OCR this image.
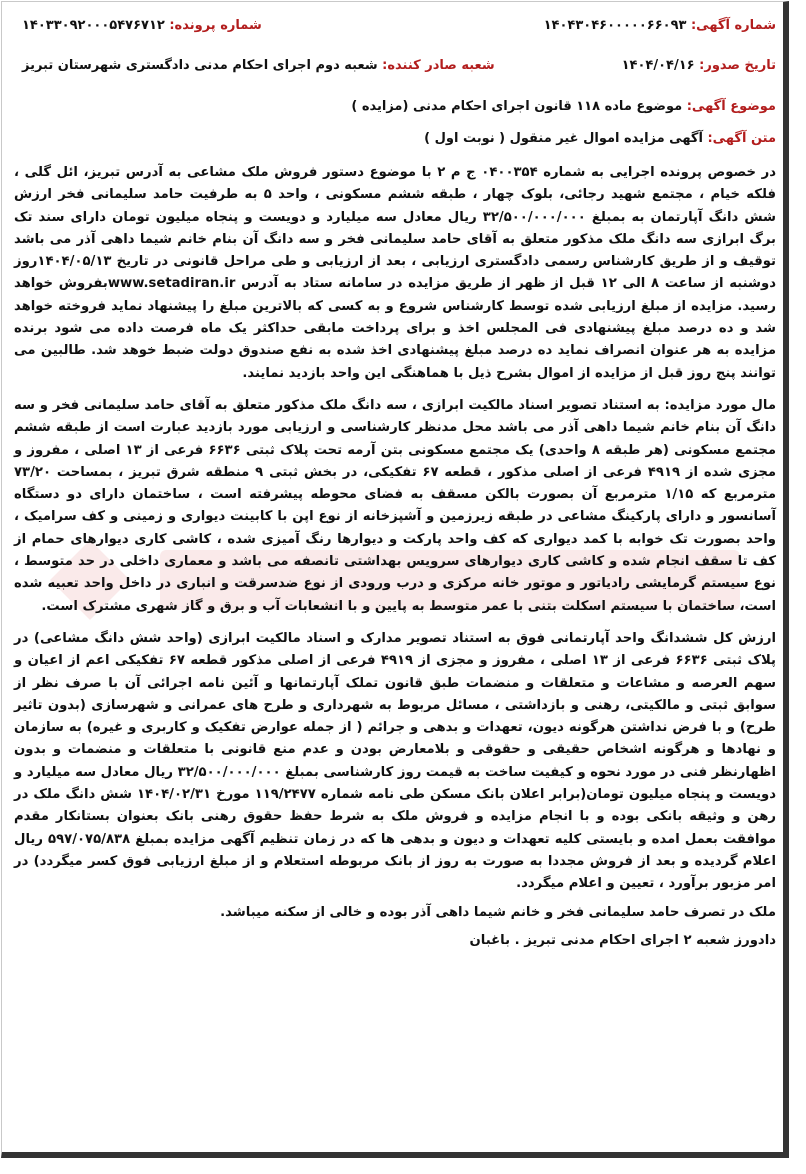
شماره آگهی: ۱۴۰۴۳۰۴۶۰۰۰۰۰۶۶۰۹۳
شماره پرونده: ۱۴۰۳۳۰۹۲۰۰۰۵۴۷۶۷۱۲
تاریخ صدور: ۱۴۰۴/۰۴/۱۶
شعبه صادر کننده: شعبه دوم اجرای احکام مدنی دادگستری شهرستان تبریز
موضوع آگهی: موضوع ماده ۱۱۸ قانون اجرای احکام مدنی (مزایده )
متن آگهی: آگهی مزایده اموال غیر منقول ( نوبت اول )

در خصوص پرونده اجرایی به شماره ۰۴۰۰۳۵۴ ج م ۲ با موضوع دستور فروش ملک مشاعی به آدرس تبریز، ائل گلی ، فلکه خیام ، مجتمع شهید رجائی، بلوک چهار ، طبقه ششم مسکونی ، واحد ۵ به طرفیت حامد سلیمانی فخر ارزش شش دانگ آپارتمان به بمبلغ ۳۲/۵۰۰/۰۰۰/۰۰۰ ریال معادل سه میلیارد و دویست و پنجاه میلیون تومان دارای سند تک برگ ابرازی سه دانگ ملک مذکور متعلق به آقای حامد سلیمانی فخر و سه دانگ آن بنام خانم شیما داهی آذر می باشد توقیف و از طریق کارشناس رسمی دادگستری ارزیابی ، بعد از ارزیابی و طی مراحل قانونی در تاریخ ۱۴۰۴/۰۵/۱۳روز دوشنبه از ساعت ۸ الی ۱۲ قبل از ظهر از طریق مزایده در سامانه ستاد به آدرس www.setadiran.irبفروش خواهد رسید. مزایده از مبلغ ارزیابی شده توسط کارشناس شروع و به کسی که بالاترین مبلغ را پیشنهاد نماید فروخته خواهد شد و ده درصد مبلغ پیشنهادی فی المجلس اخذ و برای پرداخت مابقی حداکثر یک ماه فرصت داده می شود برنده مزایده به هر عنوان انصراف نماید ده درصد مبلغ پیشنهادی اخذ شده به نفع صندوق دولت ضبط خوهد شد. طالبین می توانند پنج روز قبل از مزایده از اموال بشرح ذیل با هماهنگی این واحد بازدید نمایند.

مال مورد مزایده: به استناد تصویر اسناد مالکیت ابرازی ، سه دانگ ملک مذکور متعلق به آقای حامد سلیمانی فخر و سه دانگ آن بنام خانم شیما داهی آذر می باشد محل مدنظر کارشناسی و ارزیابی مورد بازدید عبارت است از طبقه ششم مجتمع مسکونی (هر طبقه ۸ واحدی) یک مجتمع مسکونی بتن آرمه تحت پلاک ثبتی ۶۶۳۶ فرعی از ۱۳ اصلی ، مفروز و مجزی شده از ۴۹۱۹ فرعی از اصلی مذکور ، قطعه ۶۷ تفکیکی، در بخش ثبتی ۹ منطقه شرق تبریز ، بمساحت ۷۳/۲۰ مترمربع که ۱/۱۵ مترمربع آن بصورت بالکن مسقف به فضای محوطه پیشرفته است ، ساختمان دارای دو دستگاه آسانسور و دارای پارکینگ مشاعی در طبقه زیرزمین و آشپزخانه از نوع اپن با کابینت دیواری و زمینی و کف سرامیک ، واحد بصورت تک خوابه با کمد دیواری که کف واحد پارکت و دیوارها رنگ آمیزی شده ، کاشی کاری دیوارهای حمام از کف تا سقف انجام شده و کاشی کاری دیوارهای سرویس بهداشتی تانصفه می باشد و معماری داخلی در حد متوسط ، نوع سیستم گرمایشی رادیاتور و موتور خانه مرکزی و درب ورودی از نوع ضدسرقت و انباری در داخل واحد تعبیه شده است، ساختمان با سیستم اسکلت بتنی با عمر متوسط به پایین و با انشعابات آب و برق و گاز شهری مشترک است.

ارزش کل ششدانگ واحد آپارتمانی فوق به استناد تصویر مدارک و اسناد مالکیت ابرازی (واحد شش دانگ مشاعی) در پلاک ثبتی ۶۶۳۶ فرعی از ۱۳ اصلی ، مفروز و مجزی از ۴۹۱۹ فرعی از اصلی مذکور قطعه ۶۷ تفکیکی اعم از اعیان و سهم العرصه و مشاعات و متعلقات و منضمات طبق قانون تملک آپارتمانها و آئین نامه اجرائی آن با صرف نظر از سوابق ثبتی و مالکیتی، رهنی و بازداشتی ، مسائل مربوط به شهرداری و طرح های عمرانی و شهرسازی (بدون تاثیر طرح) و با فرض نداشتن هرگونه دیون، تعهدات و بدهی و جرائم ( از جمله عوارض تفکیک و کاربری و غیره) به سازمان و نهادها و هرگونه اشخاص حقیقی و حقوقی و بلامعارض بودن و عدم منع قانونی با متعلقات و منضمات و بدون اظهارنظر فنی در مورد نحوه و کیفیت ساخت به قیمت روز کارشناسی بمبلغ ۳۲/۵۰۰/۰۰۰/۰۰۰ ریال معادل سه میلیارد و دویست و پنجاه میلیون تومان(برابر اعلان بانک مسکن طی نامه شماره ۱۱۹/۲۴۷۷ مورخ ۱۴۰۴/۰۲/۳۱ شش دانگ ملک در رهن و وثیقه بانکی بوده و با انجام مزایده و فروش ملک به شرط حفظ حقوق رهنی بانک بعنوان بستانکار مقدم موافقت بعمل امده و بایستی کلیه تعهدات و دیون و بدهی ها که در زمان تنظیم آگهی مزایده بمبلغ ۵۹۷/۰۷۵/۸۳۸ ریال اعلام گردیده و بعد از فروش مجددا به صورت به روز از بانک مربوطه استعلام و از مبلغ ارزیابی فوق کسر میگردد) در امر مزبور برآورد ، تعیین و اعلام میگردد.

ملک در تصرف حامد سلیمانی فخر و خانم شیما داهی آذر بوده و خالی از سکنه میباشد.

دادورز شعبه ۲ اجرای احکام مدنی تبریز . باغبان
